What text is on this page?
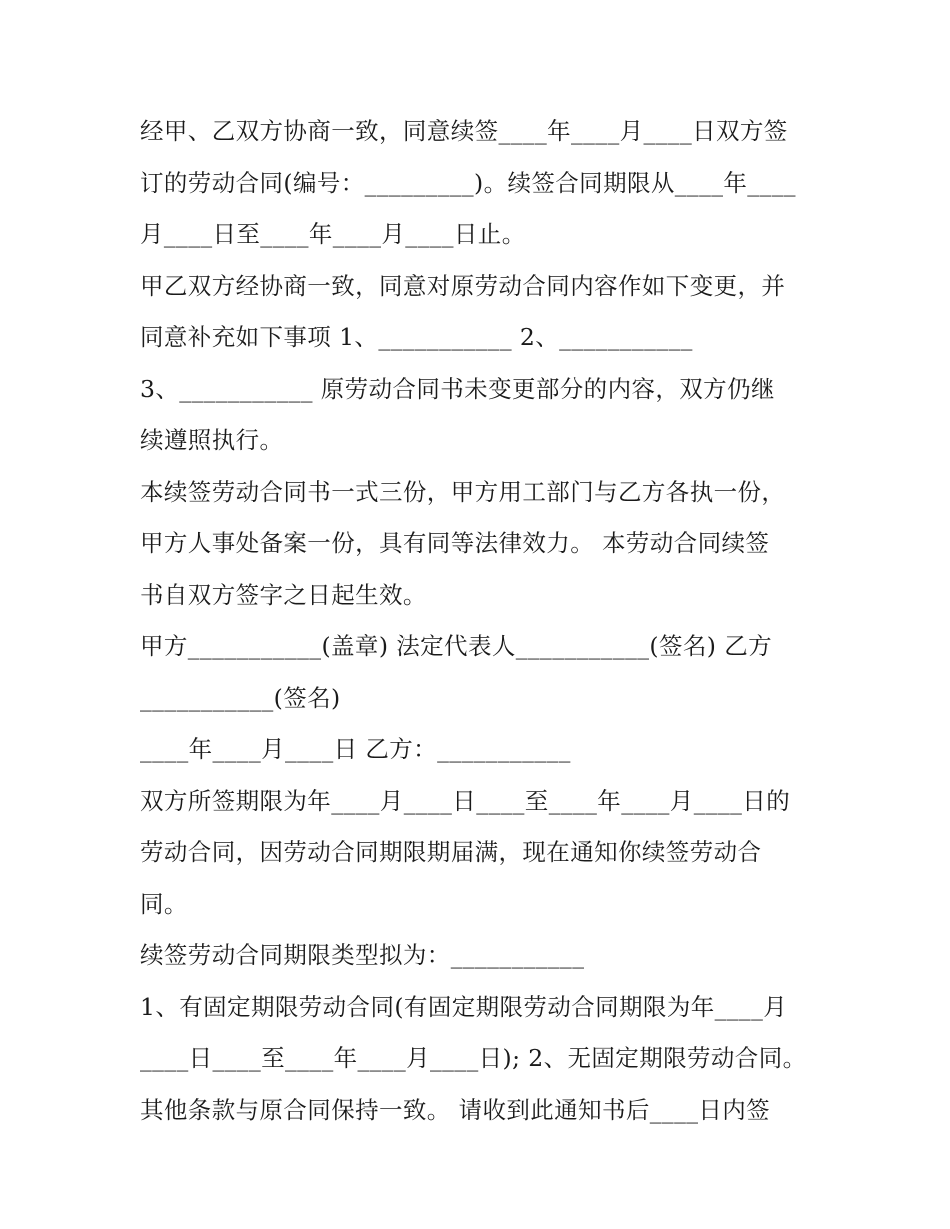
经甲、乙双方协商一致，同意续签____年____月____日双方签
订的劳动合同(编号：_________)。续签合同期限从____年____
月____日至____年____月____日止。
甲乙双方经协商一致，同意对原劳动合同内容作如下变更，并
同意补充如下事项 1、___________ 2、___________
3、___________ 原劳动合同书未变更部分的内容，双方仍继
续遵照执行。
本续签劳动合同书一式三份，甲方用工部门与乙方各执一份，
甲方人事处备案一份，具有同等法律效力。 本劳动合同续签
书自双方签字之日起生效。
甲方___________(盖章) 法定代表人___________(签名) 乙方
___________(签名)
____年____月____日 乙方：___________
双方所签期限为年____月____日____至____年____月____日的
劳动合同，因劳动合同期限期届满，现在通知你续签劳动合
同。
续签劳动合同期限类型拟为：___________
1、有固定期限劳动合同(有固定期限劳动合同期限为年____月
____日____至____年____月____日); 2、无固定期限劳动合同。
其他条款与原合同保持一致。 请收到此通知书后____日内签
